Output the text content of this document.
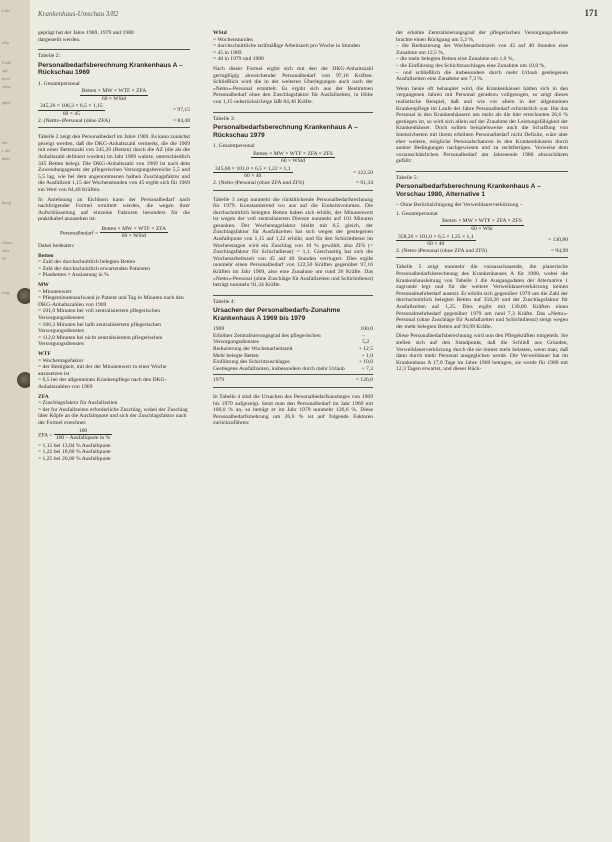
l der
olla
Ende
auf
nten
ohne
agen
ein
r die
dem
bung
ichen
ekte
Pe
folg
Krankenhaus-Umschau 3/82	171

geprägt hat der Jahre 1969, 1979 und 1980

dargestellt werden.

Tabelle 2:
Personalbedarfsberechnung Krankenhaus A – Rückschau 1969
1. Gesamtpersonal
$\frac{\text{Betten × MW × WTF × ZFA}}{\text{60 × WStd}}$
$\frac{345,26 \times 106,3 \times 6,5 \times 1,15}{60 \times 45}$	= 97,15
2. (Nettto-)Personal (ohne ZFA)	= 84,48

Tabelle 2 zeigt den Personalbedarf im Jahre 1969. Es kann zunächst gezeigt werden, daß die DKG-Anhaltszahl vermerkt, die die 1969 mit einer Bettenzahl von 345,26 (Betten) durch die AZ (die als die Anhaltszahl definiert wurden) im Jahr 1969 wahrte, unterschiedlich 345 Betten belegt. Die DKG-Anhaltszahl von 1969 ist nach dem Zuwendungsgesetz der pflegerischen Versorgungsbereiche 5,5 und 5,5 lag, wie bei dem angenommenen halben Zuschlagsfaktor und die Ausfallzeit 1,15 der Wochenstunden von 45 ergibt sich für 1969 ein Wert von 84,48 Kräften.

In Anlehnung an Eichhorn kann der Personalbedarf nach nachfolgender Formel ermittelt werden, die wegen ihrer Aufschlüsselung auf einzelne Faktoren besonders für die praktikabel anzusehen ist:

Personalbedarf = $\frac{\text{Betten × MW × WTF × ZFA}}{\text{60 × WStd}}$

Dabei bedeuten:

Betten
= Zahl der durchschnittlich belegten Betten
= Zahl der durchschnittlich erwartenden Patienten
= Planbetten × Auslastung in %
MW
= Minutenwert
= Pflegeminutenaufwand je Patient und Tag in Minuten nach den DKG-Anhaltszahlen von 1969
= 101,0 Minuten bei voll zentralisiertem pflegerischen Versorgungsdienstes
= 106,3 Minuten bei halb zentralisiertem pflegerischen Versorgungsdienstes
= 112,0 Minuten bei nicht zentralisiertem pflegerischen Versorgungsdienstes
WTF
= Wochentagefaktor
= der Bestigkeit, mit der der Minutenwert in einer Woche anzusetzen ist
= 6,5 bei der allgemeinen Krankenpflege nach den DKG-Anhaltszahlen von 1969
ZFA
= Zuschlagsfaktor für Ausfallzeiten
= der fur Ausfallzeiten erforderliche Zuschlag, wobei der Zuschlag über Köpfe an die Ausfallquote und sich der Zuschlagsfaktor nach der Formel errechnet:
ZFA = $\frac{100}{\text{100 – Ausfallquote in \%}}$
= 1,15 bei 13,04 % Ausfallquote
= 1,22 bei 18,00 % Ausfallquote
= 1,25 bei 20,00 % Ausfallquote
WStd
= Wochenstunden
= durchschnittliche tarifmäßige Arbeitszeit pro Woche in Stunden
= 45 in 1969
= 40 in 1979 und 1980

Nach dieser Formel ergibt sich mit den der DKG-Anhaltszahl geringfügig abweichender Personalbedarf von 97,16 Kräften. Schließlich wird die in der weiteren Überlegungen auch nach der »Netto«-Personal ermittelt. Es ergibt sich aus der Bestimmen Personalbedarf ohne den Zuschlagsfaktor für Ausfallzeiten, in Höhe von 1,15 unberücksichtige läßt 84,48 Kräfte.

Tabelle 3:
Personalbedarfsberechnung Krankenhaus A – Rückschau 1979
1. Gesamtpersonal
$\frac{\text{Betten × MW × WTF × ZFA × ZFS}}{\text{60 × WStd}}$
$\frac{345,60 \times 101,0 \times 6,5 \times 1,22 \times 1,1}{60 \times 40}$	= 122,50
2. (Netto-)Personal (ohne ZFA und ZFS)	= 91,34

Tabelle 3 zeigt nunmehr die rückblickende Personalbedarfsrechnung für 1979. Konstantierend wo aus auf die Einheitsvolumen. Die durchschnittlich belegten Betten haben sich erhöht, der Minutenwert ist wegen der voll zentralisierten Dienste nunmehr auf 101 Minuten gesunken. Der Wochentagsfaktor bleibt mit 6,5 gleich, der Zuschlagsfaktor für Ausfallzeiten hat sich wegen der gestiegenen Ausfallquote von 1,15 auf 1,22 erhöht, und für den Schichtdienst im Wochenstagen wird ein Zuschlag von 10 % gewählt, also ZFS (= Zuschlagsfaktor für Schichtdienst) = 1,1. Gleichzeitig hat sich die Wochenarbeitszeit von 45 auf 40 Stunden verringert. Dies ergibt nunmehr einen Personalbedarf von 122,50 Kräften gegenüber 97,16 Kräften im Jahr 1969, also eine Zunahme um rund 26 Kräfte. Das »Netto«-Personal (ohne Zuschläge für Ausfallzeiten und Schichtdienst) beträgt nunmehr 91,34 Kräfte.

Tabelle 4:
Ursachen der Personalbedarfs-Zunahme Krankenhaus A 1969 bis 1979
1969	100,0
Erhöhter Zentralisierungsgrad des pflegerischen Versorgungsdienstes
– 5,2
Reduzierung der Wochenarbeitszeit	+ 12,5
Mehr belegte Betten	+ 1,0
Einführung des Schichtzuschlages	+ 10,0
Gestiegene Ausfallzeiten, insbesondere durch mehr Urlaub	+ 7,3
1979	= 126,6

In Tabelle 4 sind die Ursachen des Personalbedarfsanstieges von 1969 bis 1979 aufgezeigt. Setzt man den Personalbedarf im Jahr 1969 mit 100,0 % an, so beträgt er im Jahr 1979 nunmehr 126,6 %. Diese Personalbedarfsmehrung um 26,6 % ist auf folgende Faktoren zurückzuführen:

der erhöhte Zentralisierungsgrad der pflegerischen Versorgungsdienste brachte einen Rückgang um 5,2 %,
– die Reduzierung der Wochenarbeitszeit von 45 auf 40 Stunden eine Zunahme um 12,5 %,
– die mehr belegten Betten eine Zunahme um 1,0 %,
– die Einführung des Schichtzuschlages eine Zunahme um 10,0 %,
– und schließlich die insbesondere durch mehr Urlaub gestiegenen Ausfallzeiten eine Zunahme um 7,3 %.

Wenn heute oft behauptet wird, die Krankenhäuser hätten sich in den vergangenen Jahren mit Personal geradezu vollgesogen, so zeigt dieses realistische Beispiel, daß und wie vor allem in der allgemeinen Krankenpflege im Laufe der Jahre Personalbedarf erforderlich war. Hat das Personal in den Krankenhäusern um mehr als die hier errechneten 26,6 % gestiegen ist, so wird sich allein auf der Zunahme der Leistungsfähigkeit der Krankenhäuser. Doch sollten beispielsweise auch die Schaffung von Intensivbetten mit ihrem erhöhten Personalbedarf nicht Defizite, wäre aber eher weitere, mögliche Personalschancen in den Krankenhäusern durch andere Bedingungen nachgewiesen und zu rechtfertigen. Verweise dem vorausschätzlichen Personalbedarf am Jahresende 1980 abzuschätzen gefällt:

Tabelle 5:
Personalbedarfsberechnung Krankenhaus A – Vorschau 1980, Alternative 1
– Ohne Berücksichtigung der Verweildauerverkürzung –
1. Gesamtpersonal
$\frac{\text{Betten × MW × WTF × ZFA × ZFS}}{\text{60 × WSt}}$
$\frac{358,26 \times 101,0 \times 6,5 \times 1,25 \times 1,1}{60 \times 40}$	= 130,80
2. (Netto-)Personal (ohne ZFA und ZFS)	= 94,99

Tabelle 5 zeigt nunmehr die vorausschauende, die planerische Personalbedarfsberechnung des Krankenhauses A für 1980, wobei die Krankenhausleitung von Tabelle 1 die Ausgangsdaten der Alternative 1 zugrunde legt und für die weitere Verweildauerverkürzung keinen Personalmehrbedarf ansetzt. Er erhöht sich gegenüber 1979 um die Zahl der durchschnittlich belegten Betten auf 358,26 und der Zuschlagsfaktor für Ausfallzeiten auf 1,25. Dies ergibt mit 130,80 Kräften einen Personalmehrbedarf gegenüber 1979 um rund 7,3 Kräfte. Das »Netto«-Personal (ohne Zuschläge für Ausfallzeiten und Schichtdienst) steigt wegen der mehr belegten Betten auf 94,99 Kräfte.

Diese Personalbedarfsberechnung wird nun den Pflegekräften mitgeteilt. Sie stellen sich auf den Standpunkt, daß die Schließ aus Gründen, Verweildauerverkürzung durch die sie immer mehr belasten, wenn man, daß dann durch mehr Personal ausgeglichen werde. Die Verweildauer hat im Krankenhaus A 17,0 Tage im Jahre 1969 betragen, sie werde für 1980 mit 12,3 Tagen erwartet, und dieser Rück-
